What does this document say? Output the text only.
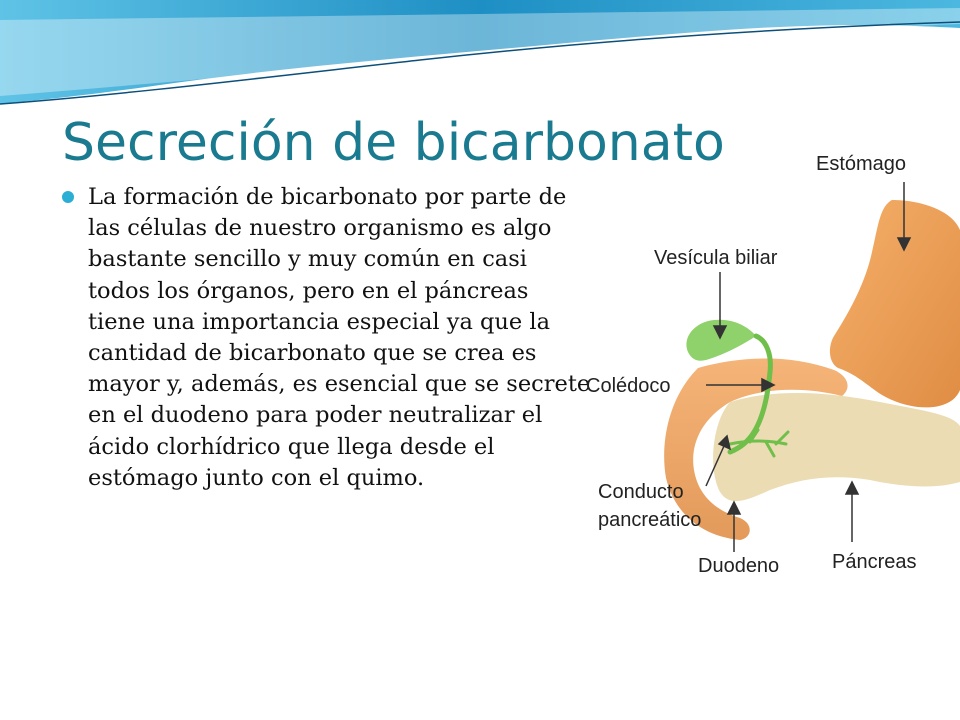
Secreción de bicarbonato
La formación de bicarbonato por parte de las células de nuestro organismo es algo bastante sencillo y muy común en casi todos los órganos, pero en el páncreas tiene una importancia especial ya que la cantidad de bicarbonato que se crea es mayor y, además, es esencial que se secrete en el duodeno para poder neutralizar el ácido clorhídrico que llega desde el estómago junto con el quimo.
Estómago
Vesícula biliar
Colédoco
Conducto
pancreático
Duodeno	Páncreas
